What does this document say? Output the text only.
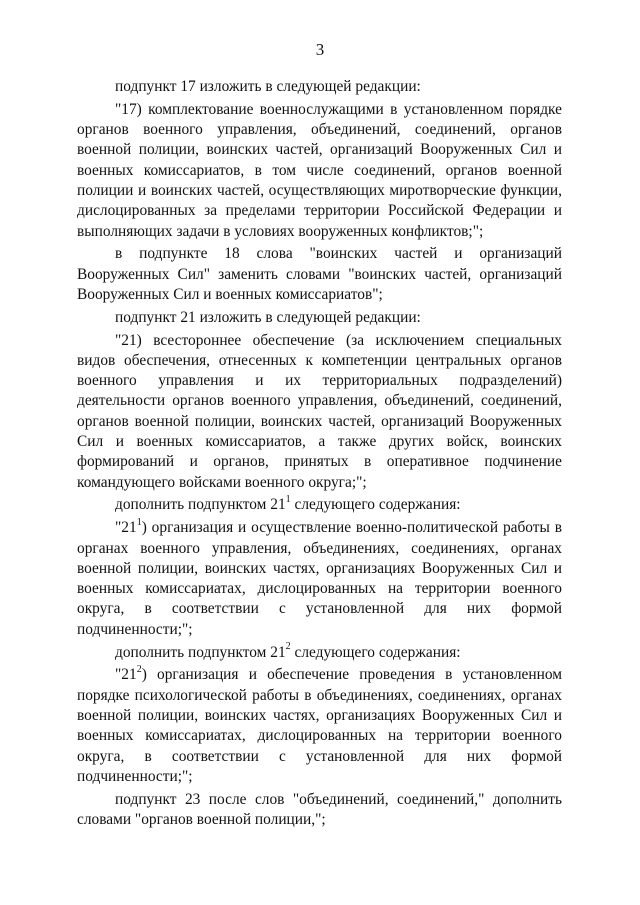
3

подпункт 17 изложить в следующей редакции:

"17) комплектование военнослужащими в установленном порядке органов военного управления, объединений, соединений, органов военной полиции, воинских частей, организаций Вооруженных Сил и военных комиссариатов, в том числе соединений, органов военной полиции и воинских частей, осуществляющих миротворческие функции, дислоцированных за пределами территории Российской Федерации и выполняющих задачи в условиях вооруженных конфликтов;";

в подпункте 18 слова "воинских частей и организаций Вооруженных Сил" заменить словами "воинских частей, организаций Вооруженных Сил и военных комиссариатов";

подпункт 21 изложить в следующей редакции:

"21) всестороннее обеспечение (за исключением специальных видов обеспечения, отнесенных к компетенции центральных органов военного управления и их территориальных подразделений) деятельности органов военного управления, объединений, соединений, органов военной полиции, воинских частей, организаций Вооруженных Сил и военных комиссариатов, а также других войск, воинских формирований и органов, принятых в оперативное подчинение командующего войсками военного округа;";

дополнить подпунктом $21^1$ следующего содержания:

"$21^1$) организация и осуществление военно-политической работы в органах военного управления, объединениях, соединениях, органах военной полиции, воинских частях, организациях Вооруженных Сил и военных комиссариатах, дислоцированных на территории военного округа, в соответствии с установленной для них формой подчиненности;";

дополнить подпунктом $21^2$ следующего содержания:

"$21^2$) организация и обеспечение проведения в установленном порядке психологической работы в объединениях, соединениях, органах военной полиции, воинских частях, организациях Вооруженных Сил и военных комиссариатах, дислоцированных на территории военного округа, в соответствии с установленной для них формой подчиненности;";

подпункт 23 после слов "объединений, соединений," дополнить словами "органов военной полиции,";
